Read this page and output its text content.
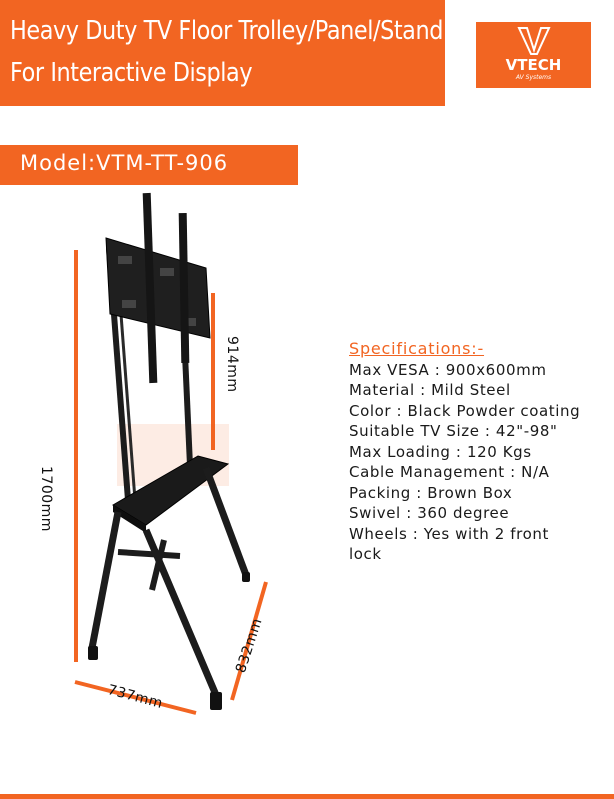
Heavy Duty TV Floor Trolley/Panel/Stand
For Interactive Display	VTECH
AV Systems
Model:VTM-TT-906
1700mm
914mm
832mm
737mm
Specifications:-
Max VESA : 900x600mm
Material : Mild Steel
Color : Black Powder coating
Suitable TV Size : 42"-98"
Max Loading : 120 Kgs
Cable Management : N/A
Packing : Brown Box
Swivel : 360 degree
Wheels : Yes with 2 front
lock
